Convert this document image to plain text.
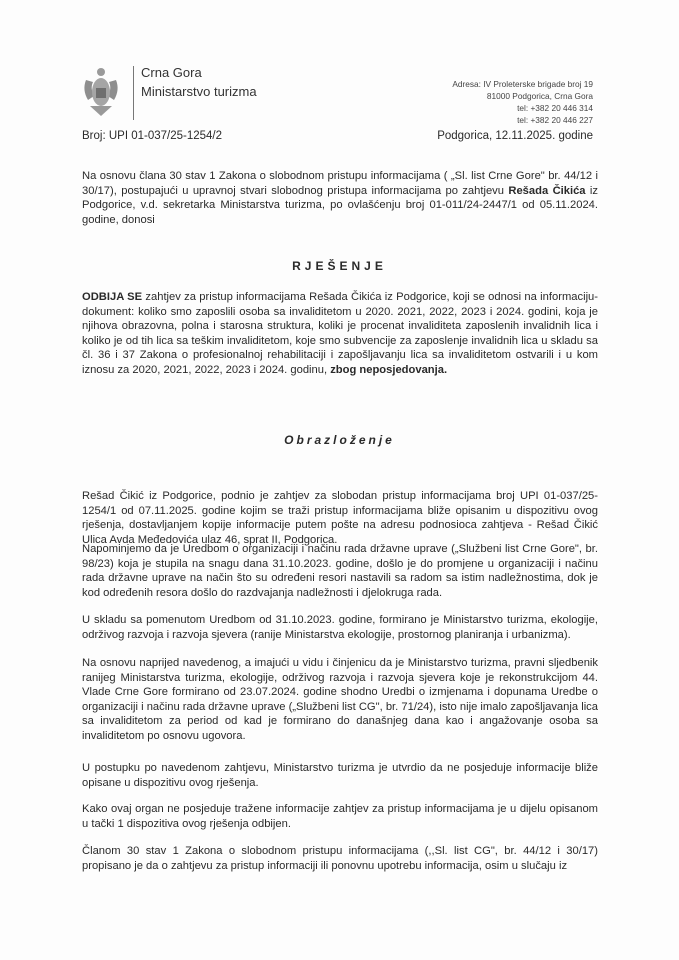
Crna Gora
Ministarstvo turizma	Adresa: IV Proleterske brigade broj 19
81000 Podgorica, Crna Gora
tel: +382 20 446 314
tel: +382 20 446 227
Broj: UPI 01-037/25-1254/2	Podgorica, 12.11.2025. godine
Na osnovu člana 30 stav 1 Zakona o slobodnom pristupu informacijama ( „Sl. list Crne Gore" br. 44/12 i 30/17), postupajući u upravnoj stvari slobodnog pristupa informacijama po zahtjevu Rešada Čikića iz Podgorice, v.d. sekretarka Ministarstva turizma, po ovlašćenju broj 01-011/24-2447/1 od 05.11.2024. godine, donosi
RJEŠENJE
ODBIJA SE zahtjev za pristup informacijama Rešada Čikića iz Podgorice, koji se odnosi na informaciju-dokument: koliko smo zaposlili osoba sa invaliditetom u 2020. 2021, 2022, 2023 i 2024. godini, koja je njihova obrazovna, polna i starosna struktura, koliki je procenat invaliditeta zaposlenih invalidnih lica i koliko je od tih lica sa teškim invaliditetom, koje smo subvencije za zaposlenje invalidnih lica u skladu sa čl. 36 i 37 Zakona o profesionalnoj rehabilitaciji i zapošljavanju lica sa invaliditetom ostvarili i u kom iznosu za 2020, 2021, 2022, 2023 i 2024. godinu, zbog neposjedovanja.
Obrazloženje
Rešad Čikić iz Podgorice, podnio je zahtjev za slobodan pristup informacijama broj UPI 01-037/25-1254/1 od 07.11.2025. godine kojim se traži pristup informacijama bliže opisanim u dispozitivu ovog rješenja, dostavljanjem kopije informacije putem pošte na adresu podnosioca zahtjeva - Rešad Čikić Ulica Avda Međedovića ulaz 46, sprat II, Podgorica.
Napominjemo da je Uredbom o organizaciji i načinu rada državne uprave („Službeni list Crne Gore", br. 98/23) koja je stupila na snagu dana 31.10.2023. godine, došlo je do promjene u organizaciji i načinu rada državne uprave na način što su određeni resori nastavili sa radom sa istim nadležnostima, dok je kod određenih resora došlo do razdvajanja nadležnosti i djelokruga rada.
U skladu sa pomenutom Uredbom od 31.10.2023. godine, formirano je Ministarstvo turizma, ekologije, održivog razvoja i razvoja sjevera (ranije Ministarstva ekologije, prostornog planiranja i urbanizma).
Na osnovu naprijed navedenog, a imajući u vidu i činjenicu da je Ministarstvo turizma, pravni sljedbenik ranijeg Ministarstva turizma, ekologije, održivog razvoja i razvoja sjevera koje je rekonstrukcijom 44. Vlade Crne Gore formirano od 23.07.2024. godine shodno Uredbi o izmjenama i dopunama Uredbe o organizaciji i načinu rada državne uprave („Službeni list CG", br. 71/24), isto nije imalo zapošljavanja lica sa invaliditetom za period od kad je formirano do današnjeg dana kao i angažovanje osoba sa invaliditetom po osnovu ugovora.
U postupku po navedenom zahtjevu, Ministarstvo turizma je utvrdio da ne posjeduje informacije bliže opisane u dispozitivu ovog rješenja.
Kako ovaj organ ne posjeduje tražene informacije zahtjev za pristup informacijama je u dijelu opisanom u tački 1 dispozitiva ovog rješenja odbijen.
Članom 30 stav 1 Zakona o slobodnom pristupu informacijama (,,Sl. list CG", br. 44/12 i 30/17) propisano je da o zahtjevu za pristup informaciji ili ponovnu upotrebu informacija, osim u slučaju iz
